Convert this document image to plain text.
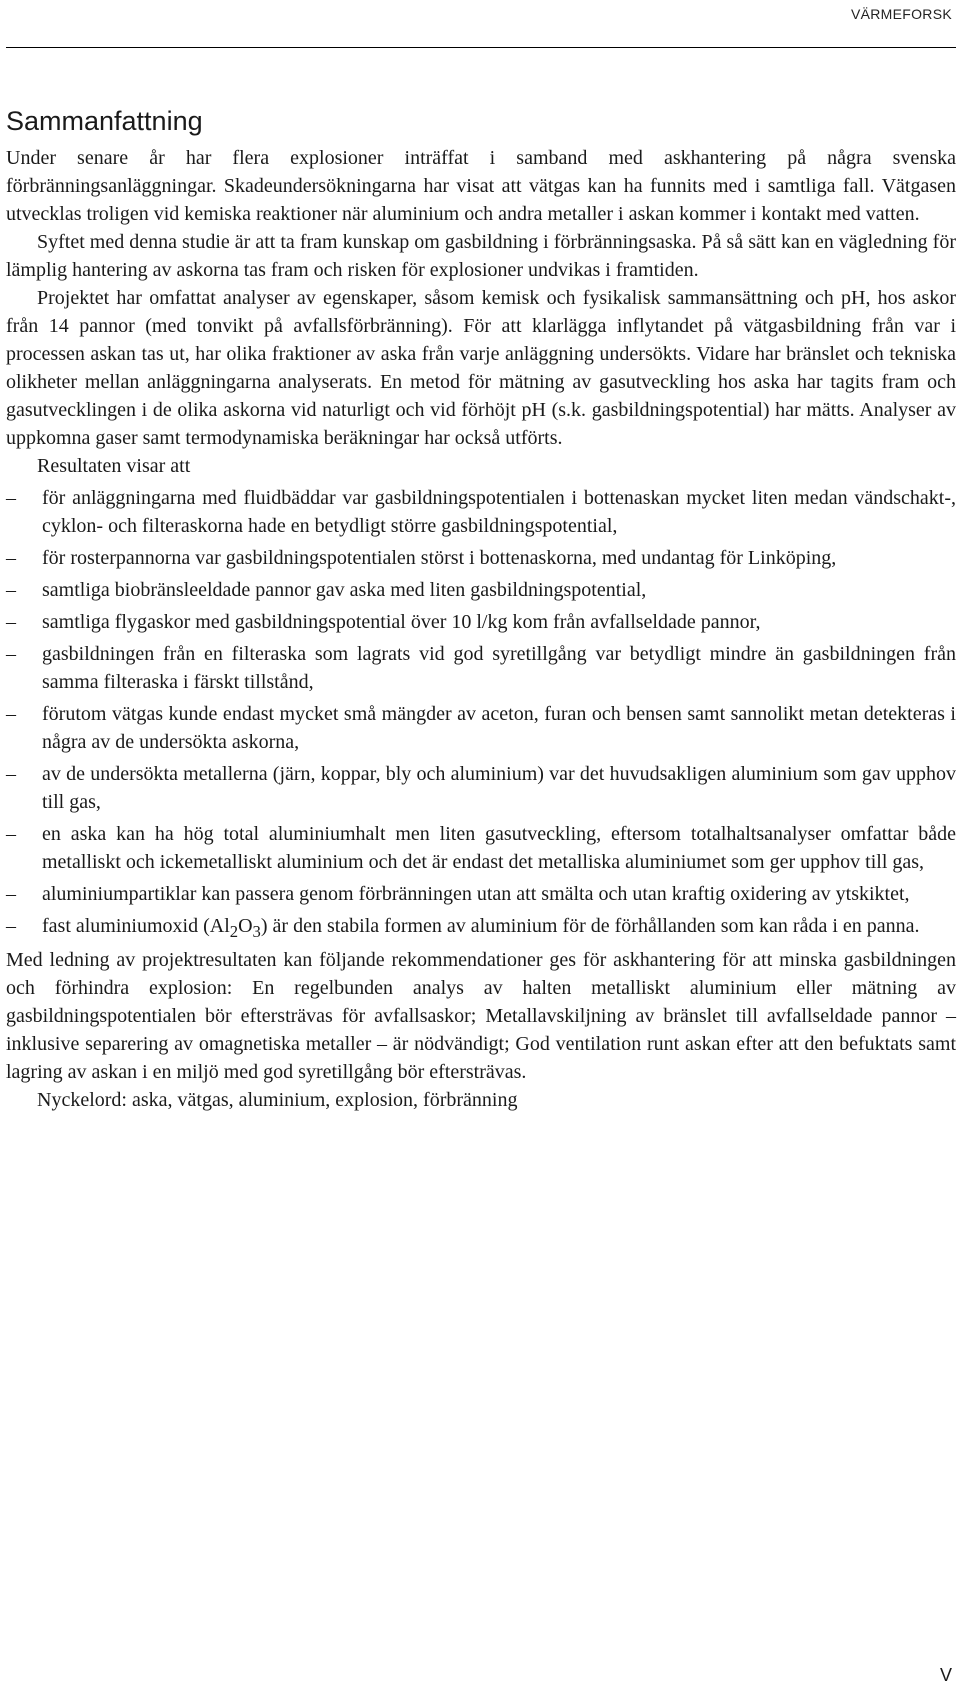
VÄRMEFORSK
Sammanfattning

Under senare år har flera explosioner inträffat i samband med askhantering på några svenska förbränningsanläggningar. Skadeundersökningarna har visat att vätgas kan ha funnits med i samtliga fall. Vätgasen utvecklas troligen vid kemiska reaktioner när aluminium och andra metaller i askan kommer i kontakt med vatten.

Syftet med denna studie är att ta fram kunskap om gasbildning i förbränningsaska. På så sätt kan en vägledning för lämplig hantering av askorna tas fram och risken för explosioner undvikas i framtiden.

Projektet har omfattat analyser av egenskaper, såsom kemisk och fysikalisk sammansättning och pH, hos askor från 14 pannor (med tonvikt på avfallsförbränning). För att klarlägga inflytandet på vätgasbildning från var i processen askan tas ut, har olika fraktioner av aska från varje anläggning undersökts. Vidare har bränslet och tekniska olikheter mellan anläggningarna analyserats. En metod för mätning av gasutveckling hos aska har tagits fram och gasutvecklingen i de olika askorna vid naturligt och vid förhöjt pH (s.k. gasbildningspotential) har mätts. Analyser av uppkomna gaser samt termodynamiska beräkningar har också utförts.

Resultaten visar att

–	för anläggningarna med fluidbäddar var gasbildningspotentialen i bottenaskan mycket liten medan vändschakt-, cyklon- och filteraskorna hade en betydligt större gasbildningspotential,
–	för rosterpannorna var gasbildningspotentialen störst i bottenaskorna, med undantag för Linköping,
–	samtliga biobränsleeldade pannor gav aska med liten gasbildningspotential,
–	samtliga flygaskor med gasbildningspotential över 10 l/kg kom från avfallseldade pannor,
–	gasbildningen från en filteraska som lagrats vid god syretillgång var betydligt mindre än gasbildningen från samma filteraska i färskt tillstånd,
–	förutom vätgas kunde endast mycket små mängder av aceton, furan och bensen samt sannolikt metan detekteras i några av de undersökta askorna,
–	av de undersökta metallerna (järn, koppar, bly och aluminium) var det huvudsakligen aluminium som gav upphov till gas,
–	en aska kan ha hög total aluminiumhalt men liten gasutveckling, eftersom totalhaltsanalyser omfattar både metalliskt och ickemetalliskt aluminium och det är endast det metalliska aluminiumet som ger upphov till gas,
–	aluminiumpartiklar kan passera genom förbränningen utan att smälta och utan kraftig oxidering av ytskiktet,
–	fast aluminiumoxid $(Al_2O_3)$ är den stabila formen av aluminium för de förhållanden som kan råda i en panna.

Med ledning av projektresultaten kan följande rekommendationer ges för askhantering för att minska gasbildningen och förhindra explosion: En regelbunden analys av halten metalliskt aluminium eller mätning av gasbildningspotentialen bör eftersträvas för avfallsaskor; Metallavskiljning av bränslet till avfallseldade pannor – inklusive separering av omagnetiska metaller – är nödvändigt; God ventilation runt askan efter att den befuktats samt lagring av askan i en miljö med god syretillgång bör eftersträvas.

Nyckelord: aska, vätgas, aluminium, explosion, förbränning

V
